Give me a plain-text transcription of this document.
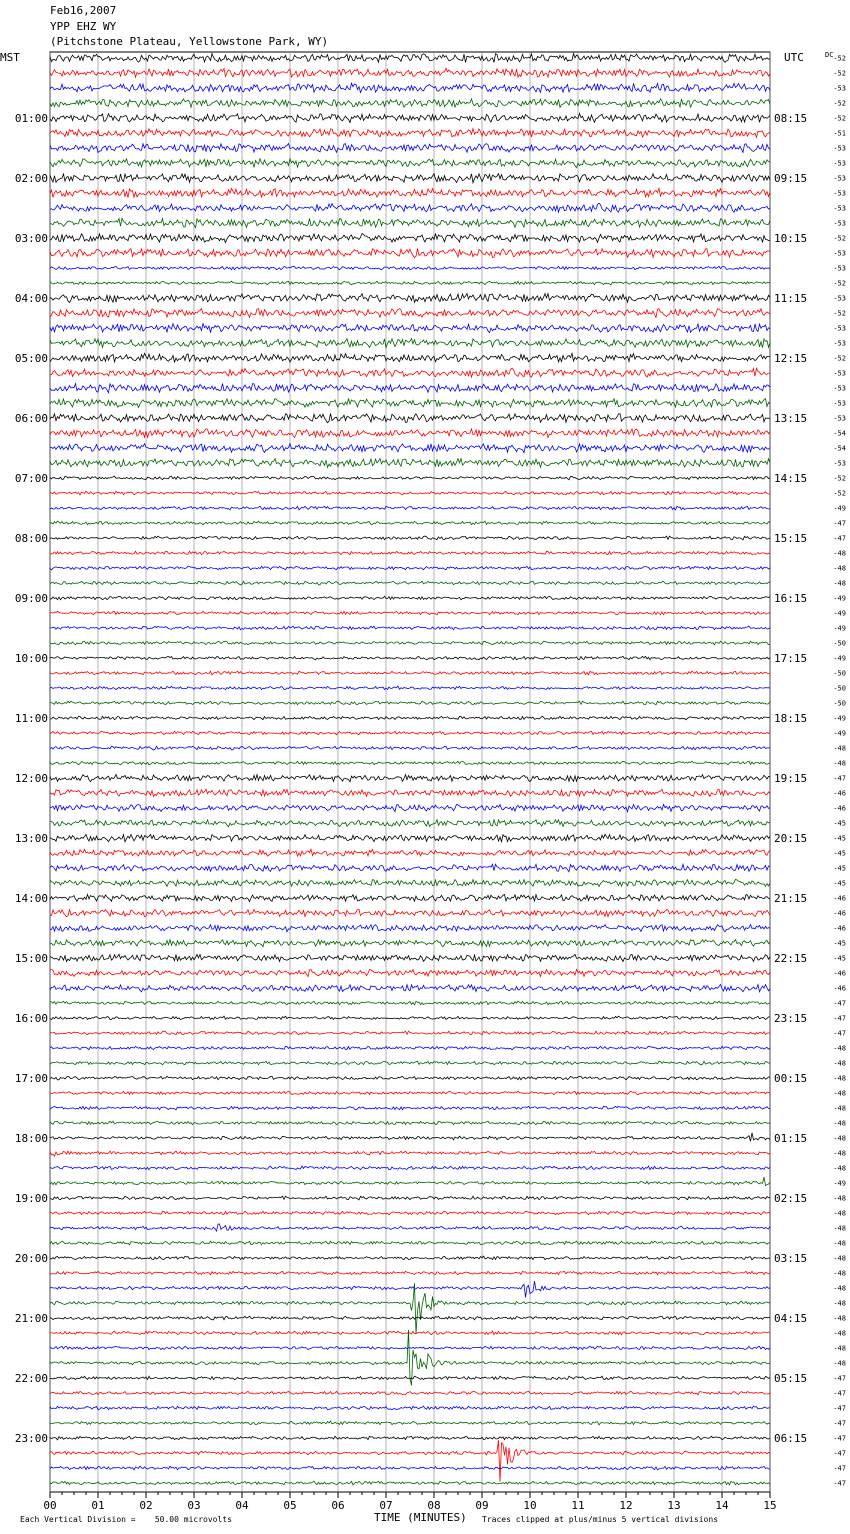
Feb16,2007
YPP EHZ WY
(Pitchstone Plateau, Yellowstone Park, WY)
00	01	02	03	04	05	06	07	08	09	10	11	12	13	14	15
MST	UTC	DC
01:00	08:15
02:00	09:15
03:00	10:15
04:00	11:15
05:00	12:15
06:00	13:15
07:00	14:15
08:00	15:15
09:00	16:15
10:00	17:15
11:00	18:15
12:00	19:15
13:00	20:15
14:00	21:15
15:00	22:15
16:00	23:15
17:00	00:15
18:00	01:15
19:00	02:15
20:00	03:15
21:00	04:15
22:00	05:15
23:00	06:15
-52
-52
-53
-52
-52
-51
-53
-53
-53
-53
-53
-53
-52
-53
-53
-52
-53
-52
-53
-53
-52
-53
-53
-53
-53
-54
-54
-53
-52
-52
-49
-47
-47
-48
-48
-48
-49
-49
-49
-50
-49
-50
-50
-50
-49
-49
-48
-48
-47
-46
-46
-45
-45
-45
-45
-45
-46
-46
-46
-45
-45
-46
-46
-47
-47
-47
-48
-48
-48
-48
-48
-48
-48
-48
-48
-49
-48
-48
-48
-48
-48
-48
-48
-48
-48
-48
-48
-48
-47
-47
-47
-47
-47
-47
-47
-47
Each Vertical Division =    50.00 microvolts	TIME (MINUTES) Traces clipped at plus/minus 5 vertical divisions
